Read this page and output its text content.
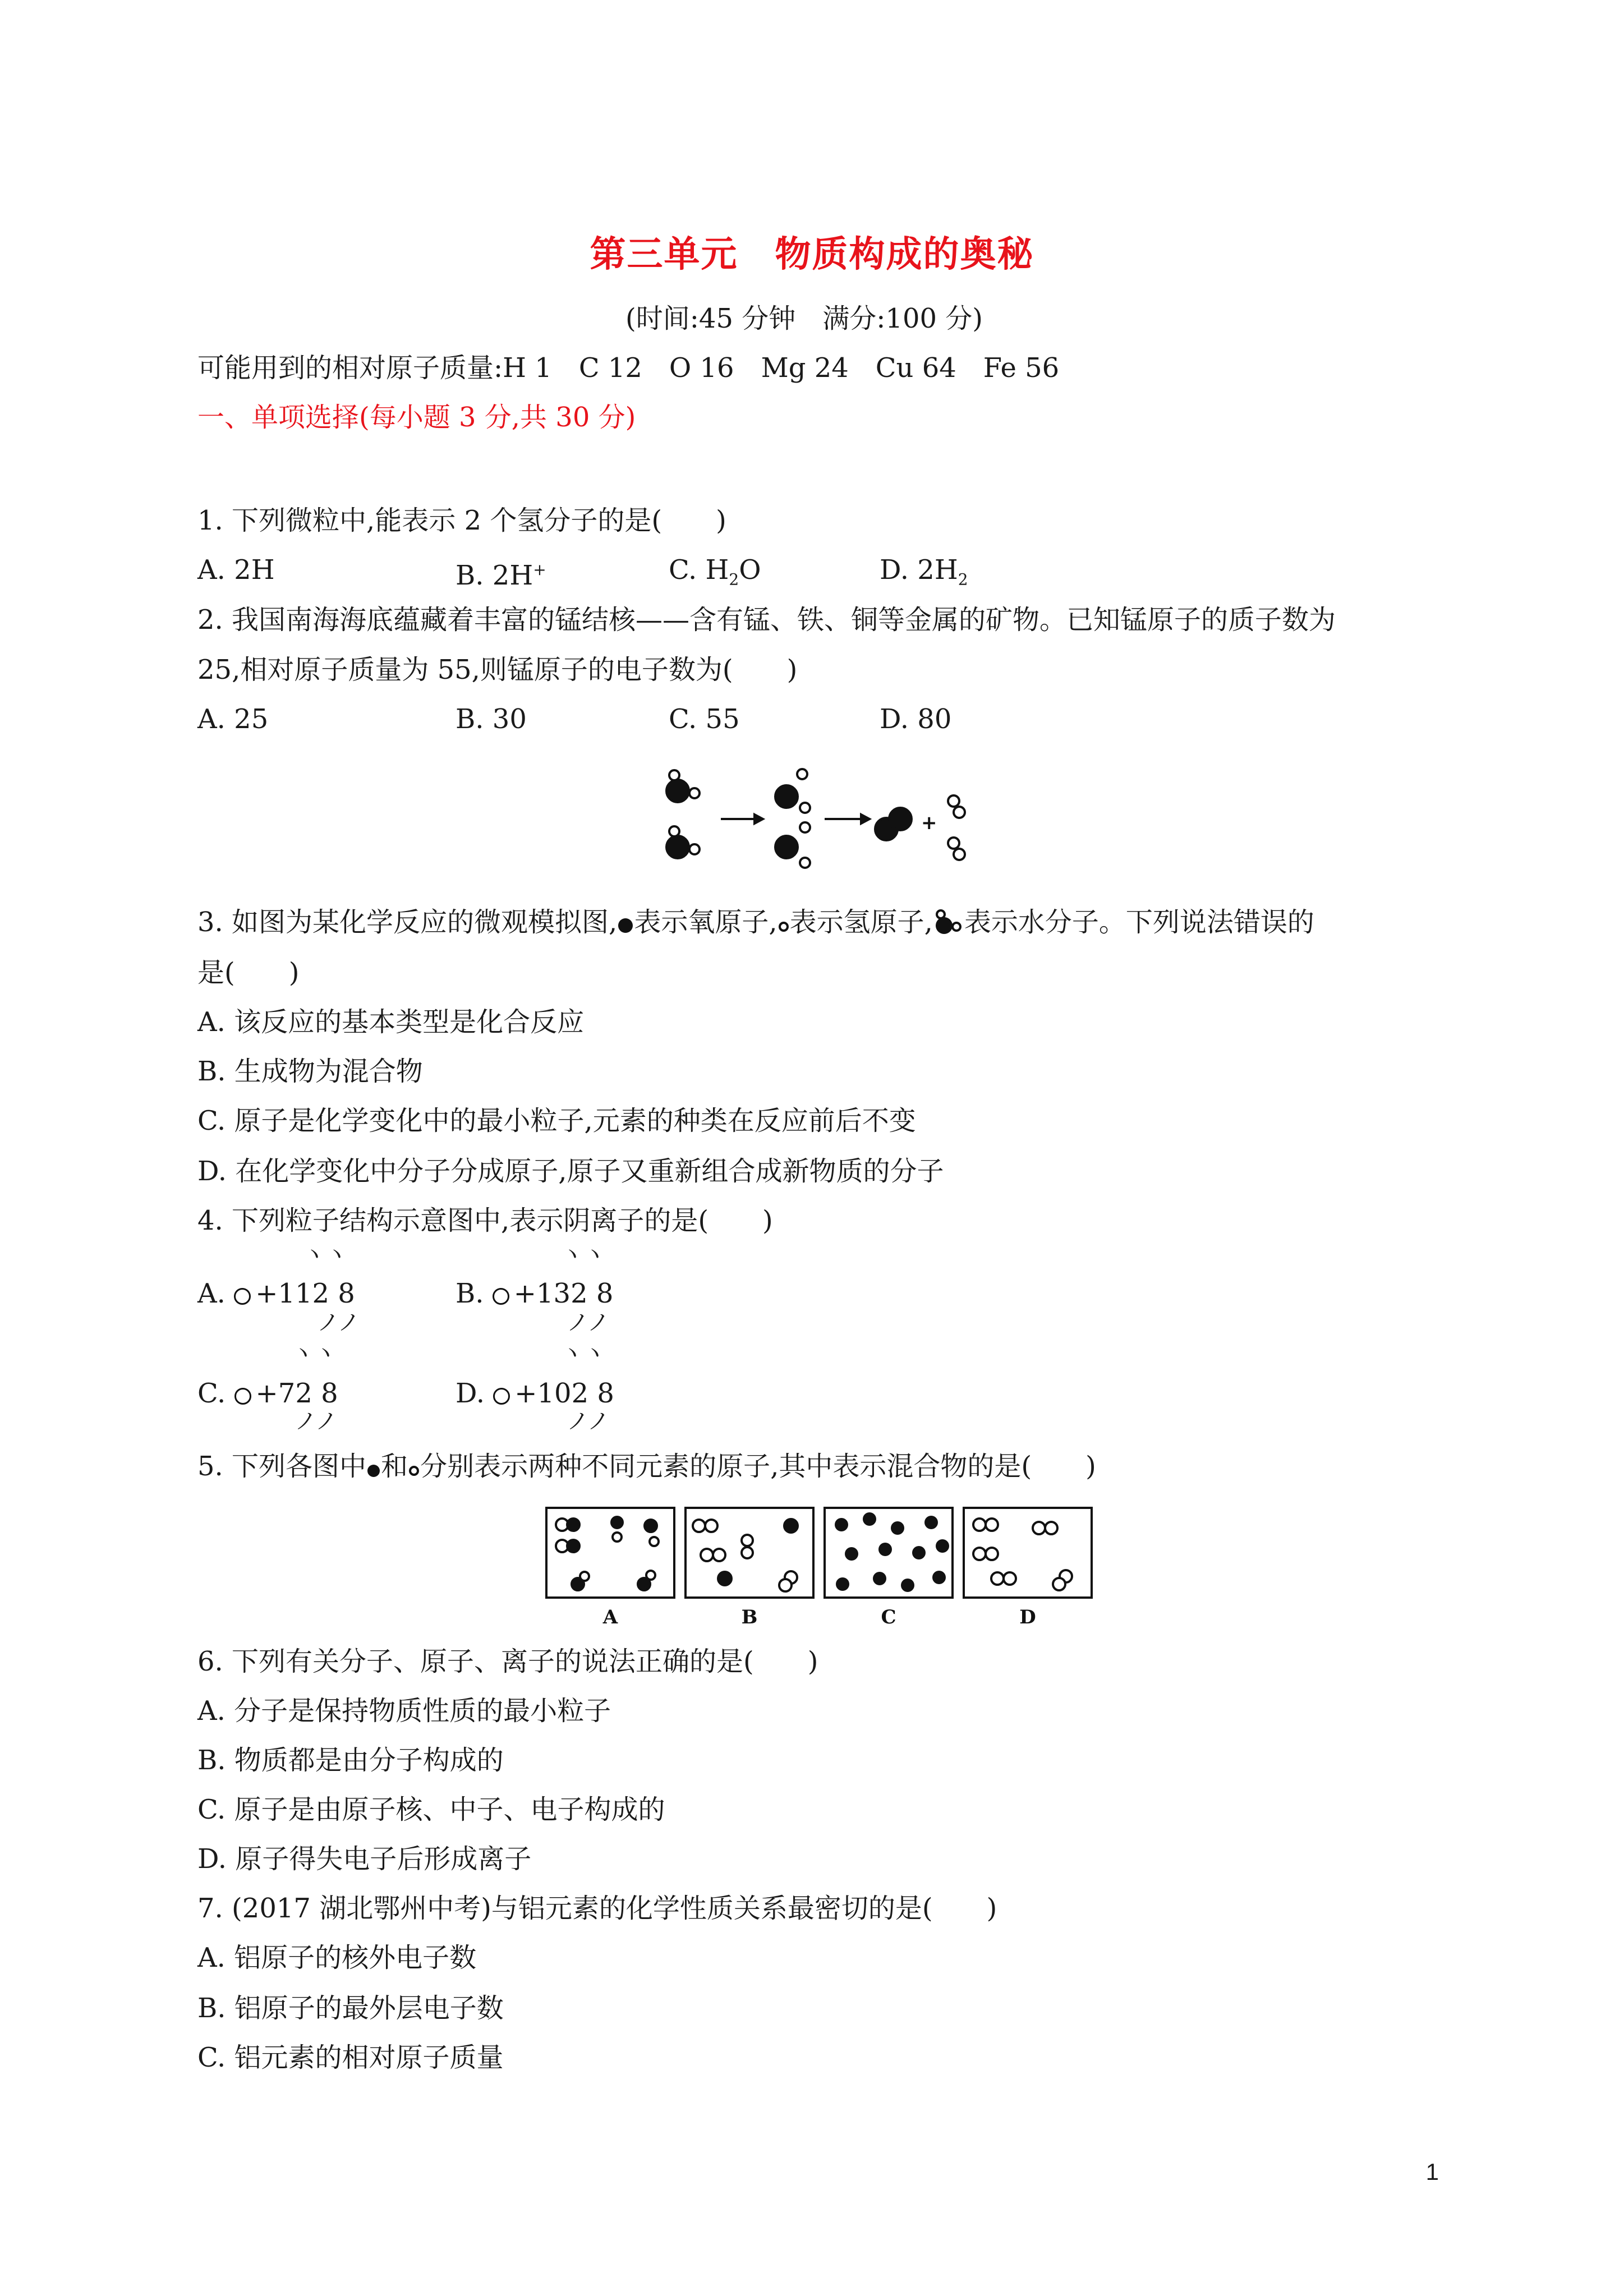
第三单元　物质构成的奥秘
(时间:45 分钟　满分:100 分)
可能用到的相对原子质量:H 1　C 12　O 16　Mg 24　Cu 64　Fe 56
一、单项选择(每小题 3 分,共 30 分)
1. 下列微粒中,能表示 2 个氢分子的是(　　)
A. 2H	B. 2H+	C. $H_2O$	D. $2H_2$
2. 我国南海海底蕴藏着丰富的锰结核——含有锰、铁、铜等金属的矿物。已知锰原子的质子数为
25,相对原子质量为 55,则锰原子的电子数为(　　)
A. 25	B. 30	C. 55	D. 80
+
3. 如图为某化学反应的微观模拟图, 表示氧原子, 表示氢原子, 表示水分子。下列说法错误的
是(　　)
A. 该反应的基本类型是化合反应
B. 生成物为混合物
C. 原子是化学变化中的最小粒子,元素的种类在反应前后不变
D. 在化学变化中分子分成原子,原子又重新组合成新物质的分子
4. 下列粒子结构示意图中,表示阴离子的是(　　)
ヽヽ
A. +112 8
ノノ
ヽヽ
B. +132 8
ノノ
ヽヽ
C. +72 8
ノノ
ヽヽ
D. +102 8
ノノ
5. 下列各图中 和 分别表示两种不同元素的原子,其中表示混合物的是(　　)
A	B	C	D
6. 下列有关分子、原子、离子的说法正确的是(　　)
A. 分子是保持物质性质的最小粒子
B. 物质都是由分子构成的
C. 原子是由原子核、中子、电子构成的
D. 原子得失电子后形成离子
7. (2017 湖北鄂州中考)与铝元素的化学性质关系最密切的是(　　)
A. 铝原子的核外电子数
B. 铝原子的最外层电子数
C. 铝元素的相对原子质量
1
